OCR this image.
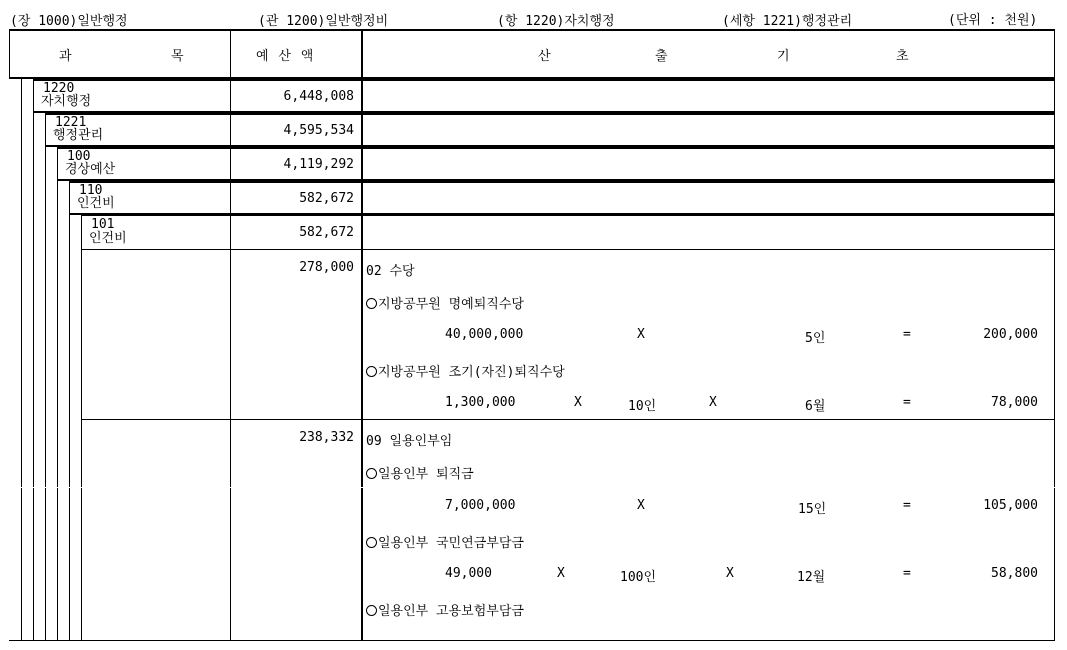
(장 1000)일반행정	(관 1200)일반행정비	(항 1220)자치행정	(세항 1221)행정관리	(단위 : 천원)
과	목	예 산 액	산	출	기	초
1220
자치행정	6,448,008
1221
행정관리	4,595,534
100
경상예산	4,119,292
110
인건비	582,672
101
인건비	582,672
278,000 02 수당
지방공무원 명예퇴직수당
40,000,000	X	5인	=	200,000
지방공무원 조기(자진)퇴직수당
1,300,000	X	10인	X	6월	=	78,000
238,332 09 일용인부임
일용인부 퇴직금
7,000,000	X	15인	=	105,000
일용인부 국민연금부담금
49,000	X	100인	X	12월	=	58,800
일용인부 고용보험부담금
